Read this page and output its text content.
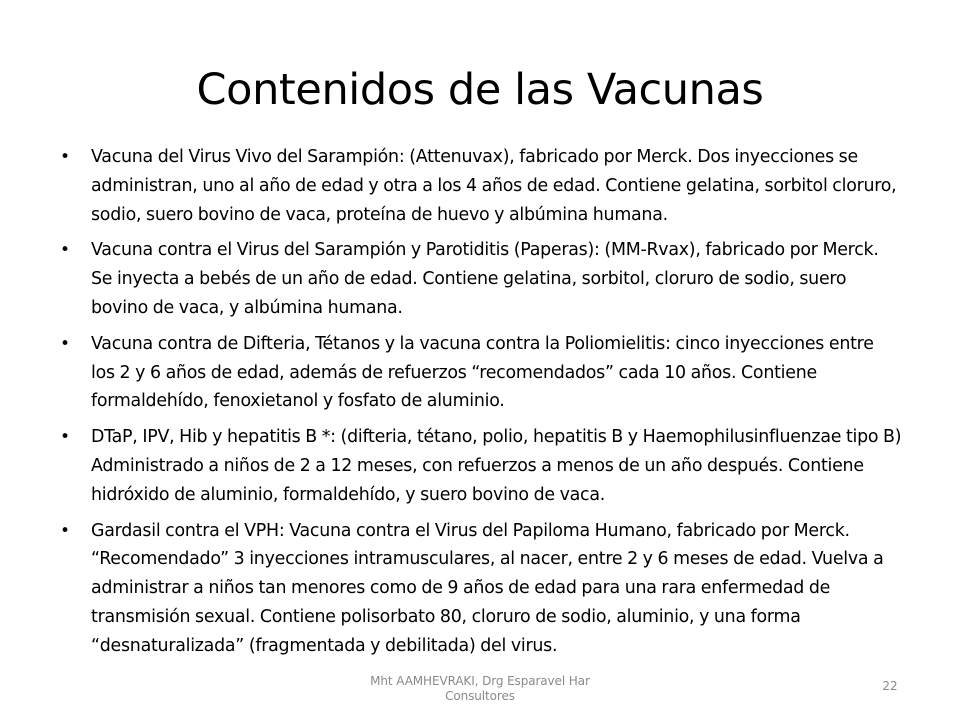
Contenidos de las Vacunas
•	Vacuna del Virus Vivo del Sarampión: (Attenuvax), fabricado por Merck. Dos inyecciones se administran, uno al año de edad y otra a los 4 años de edad. Contiene gelatina, sorbitol cloruro, sodio, suero bovino de vaca, proteína de huevo y albúmina humana.
•	Vacuna contra el Virus del Sarampión y Parotiditis (Paperas): (MM-Rvax), fabricado por Merck. Se inyecta a bebés de un año de edad. Contiene gelatina, sorbitol, cloruro de sodio, suero bovino de vaca, y albúmina humana.
•	Vacuna contra de Difteria, Tétanos y la vacuna contra la Poliomielitis: cinco inyecciones entre los 2 y 6 años de edad, además de refuerzos “recomendados” cada 10 años. Contiene formaldehído, fenoxietanol y fosfato de aluminio.
•	DTaP, IPV, Hib y hepatitis B *: (difteria, tétano, polio, hepatitis B y Haemophilusinfluenzae tipo B) Administrado a niños de 2 a 12 meses, con refuerzos a menos de un año después. Contiene hidróxido de aluminio, formaldehído, y suero bovino de vaca.
•	Gardasil contra el VPH: Vacuna contra el Virus del Papiloma Humano, fabricado por Merck. “Recomendado” 3 inyecciones intramusculares, al nacer, entre 2 y 6 meses de edad. Vuelva a administrar a niños tan menores como de 9 años de edad para una rara enfermedad de transmisión sexual. Contiene polisorbato 80, cloruro de sodio, aluminio, y una forma “desnaturalizada” (fragmentada y debilitada) del virus.
Mht AAMHEVRAKI, Drg Esparavel Har Consultores
22
